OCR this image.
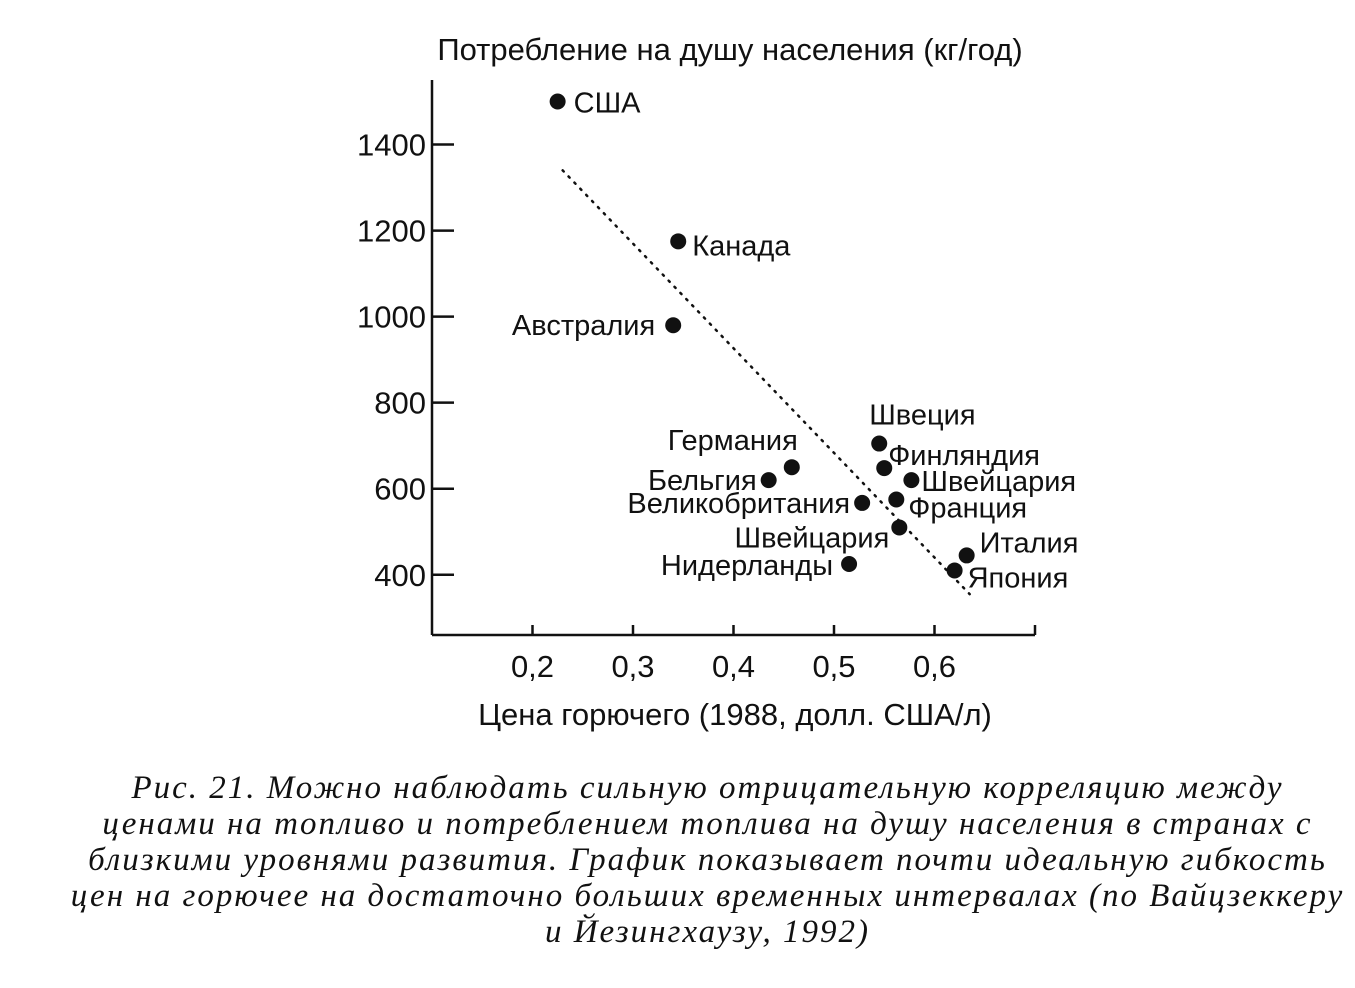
Потребление на душу населения (кг/год)
Цена горючего (1988, долл. США/л)
400
600
800
1000
1200
1400
0,2 0,3 0,4 0,5 0,6
США
Канада
Австралия
Швеция
Германия	Финляндия
Бельгия	Швейцария
Великобритания Франция
Швейцария
Нидерланды
Италия
Япония
Рис. 21. Можно наблюдать сильную отрицательную корреляцию между ценами на топливо и потреблением топлива на душу населения в странах с близкими уровнями развития. График показывает почти идеальную гибкость цен на горючее на достаточно больших временных интервалах (по Вайцзеккеру и Йезингхаузу, 1992)
